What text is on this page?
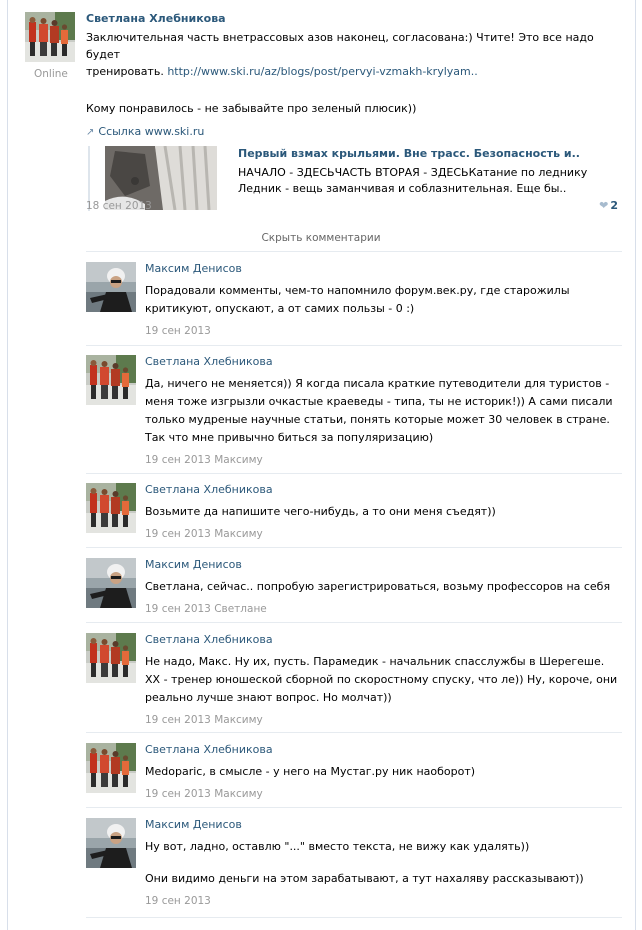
Online
Светлана Хлебникова
Заключительная часть внетрассовых азов наконец, согласована:) Чтите! Это все надо будет
тренировать. http://www.ski.ru/az/blogs/post/pervyi-vzmakh-krylyam..
Кому понравилось - не забывайте про зеленый плюсик))
↗ Ссылка www.ski.ru
Первый взмах крыльями. Вне трасс. Безопасность и..
НАЧАЛО - ЗДЕСЬЧАСТЬ ВТОРАЯ - ЗДЕСЬКатание по леднику Ледник - вещь заманчивая и соблазнительная. Еще бы..
18 сен 2013	❤ 2
Скрыть комментарии
Максим Денисов
Порадовали комменты, чем-то напомнило форум.век.ру, где старожилы критикуют, опускают, а от самих пользы - 0 :)
19 сен 2013
Светлана Хлебникова
Да, ничего не меняется)) Я когда писала краткие путеводители для туристов - меня тоже изгрызли очкастые краеведы - типа, ты не историк!)) А сами писали только мудреные научные статьи, понять которые может 30 человек в стране. Так что мне привычно биться за популяризацию)
19 сен 2013 Максиму
Светлана Хлебникова
Возьмите да напишите чего-нибудь, а то они меня съедят))
19 сен 2013 Максиму
Максим Денисов
Светлана, сейчас.. попробую зарегистрироваться, возьму профессоров на себя
19 сен 2013 Светлане
Светлана Хлебникова
Не надо, Макс. Ну их, пусть. Парамедик - начальник спасслужбы в Шерегеше. ХХ - тренер юношеской сборной по скоростному спуску, что ле)) Ну, короче, они реально лучше знают вопрос. Но молчат))
19 сен 2013 Максиму
Светлана Хлебникова
Medoparic, в смысле - у него на Мустаг.ру ник наоборот)
19 сен 2013 Максиму
Максим Денисов
Ну вот, ладно, оставлю "..." вместо текста, не вижу как удалять))
Они видимо деньги на этом зарабатывают, а тут нахаляву рассказывают))
19 сен 2013
